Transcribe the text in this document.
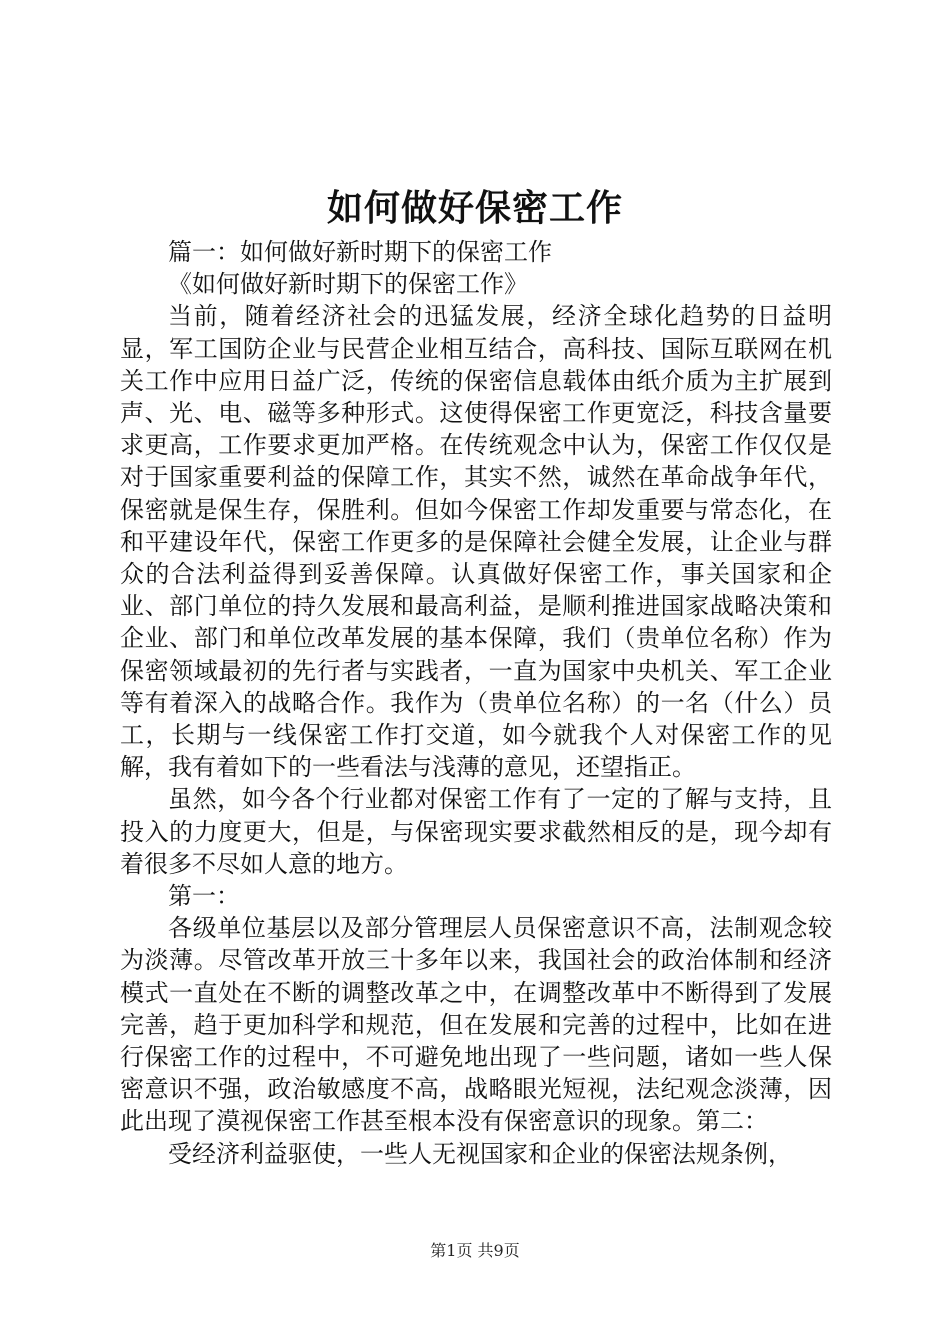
如何做好保密工作

篇一：如何做好新时期下的保密工作

《如何做好新时期下的保密工作》

当前，随着经济社会的迅猛发展，经济全球化趋势的日益明显，军工国防企业与民营企业相互结合，高科技、国际互联网在机关工作中应用日益广泛，传统的保密信息载体由纸介质为主扩展到声、光、电、磁等多种形式。这使得保密工作更宽泛，科技含量要求更高，工作要求更加严格。在传统观念中认为，保密工作仅仅是对于国家重要利益的保障工作，其实不然，诚然在革命战争年代，保密就是保生存，保胜利。但如今保密工作却发重要与常态化，在和平建设年代，保密工作更多的是保障社会健全发展，让企业与群众的合法利益得到妥善保障。认真做好保密工作，事关国家和企业、部门单位的持久发展和最高利益，是顺利推进国家战略决策和企业、部门和单位改革发展的基本保障，我们（贵单位名称）作为保密领域最初的先行者与实践者，一直为国家中央机关、军工企业等有着深入的战略合作。我作为（贵单位名称）的一名（什么）员工，长期与一线保密工作打交道，如今就我个人对保密工作的见解，我有着如下的一些看法与浅薄的意见，还望指正。

虽然，如今各个行业都对保密工作有了一定的了解与支持，且投入的力度更大，但是，与保密现实要求截然相反的是，现今却有着很多不尽如人意的地方。

第一：

各级单位基层以及部分管理层人员保密意识不高，法制观念较为淡薄。尽管改革开放三十多年以来，我国社会的政治体制和经济模式一直处在不断的调整改革之中，在调整改革中不断得到了发展完善，趋于更加科学和规范，但在发展和完善的过程中，比如在进行保密工作的过程中，不可避免地出现了一些问题，诸如一些人保密意识不强，政治敏感度不高，战略眼光短视，法纪观念淡薄，因此出现了漠视保密工作甚至根本没有保密意识的现象。第二：

受经济利益驱使，一些人无视国家和企业的保密法规条例，

第1页 共9页
